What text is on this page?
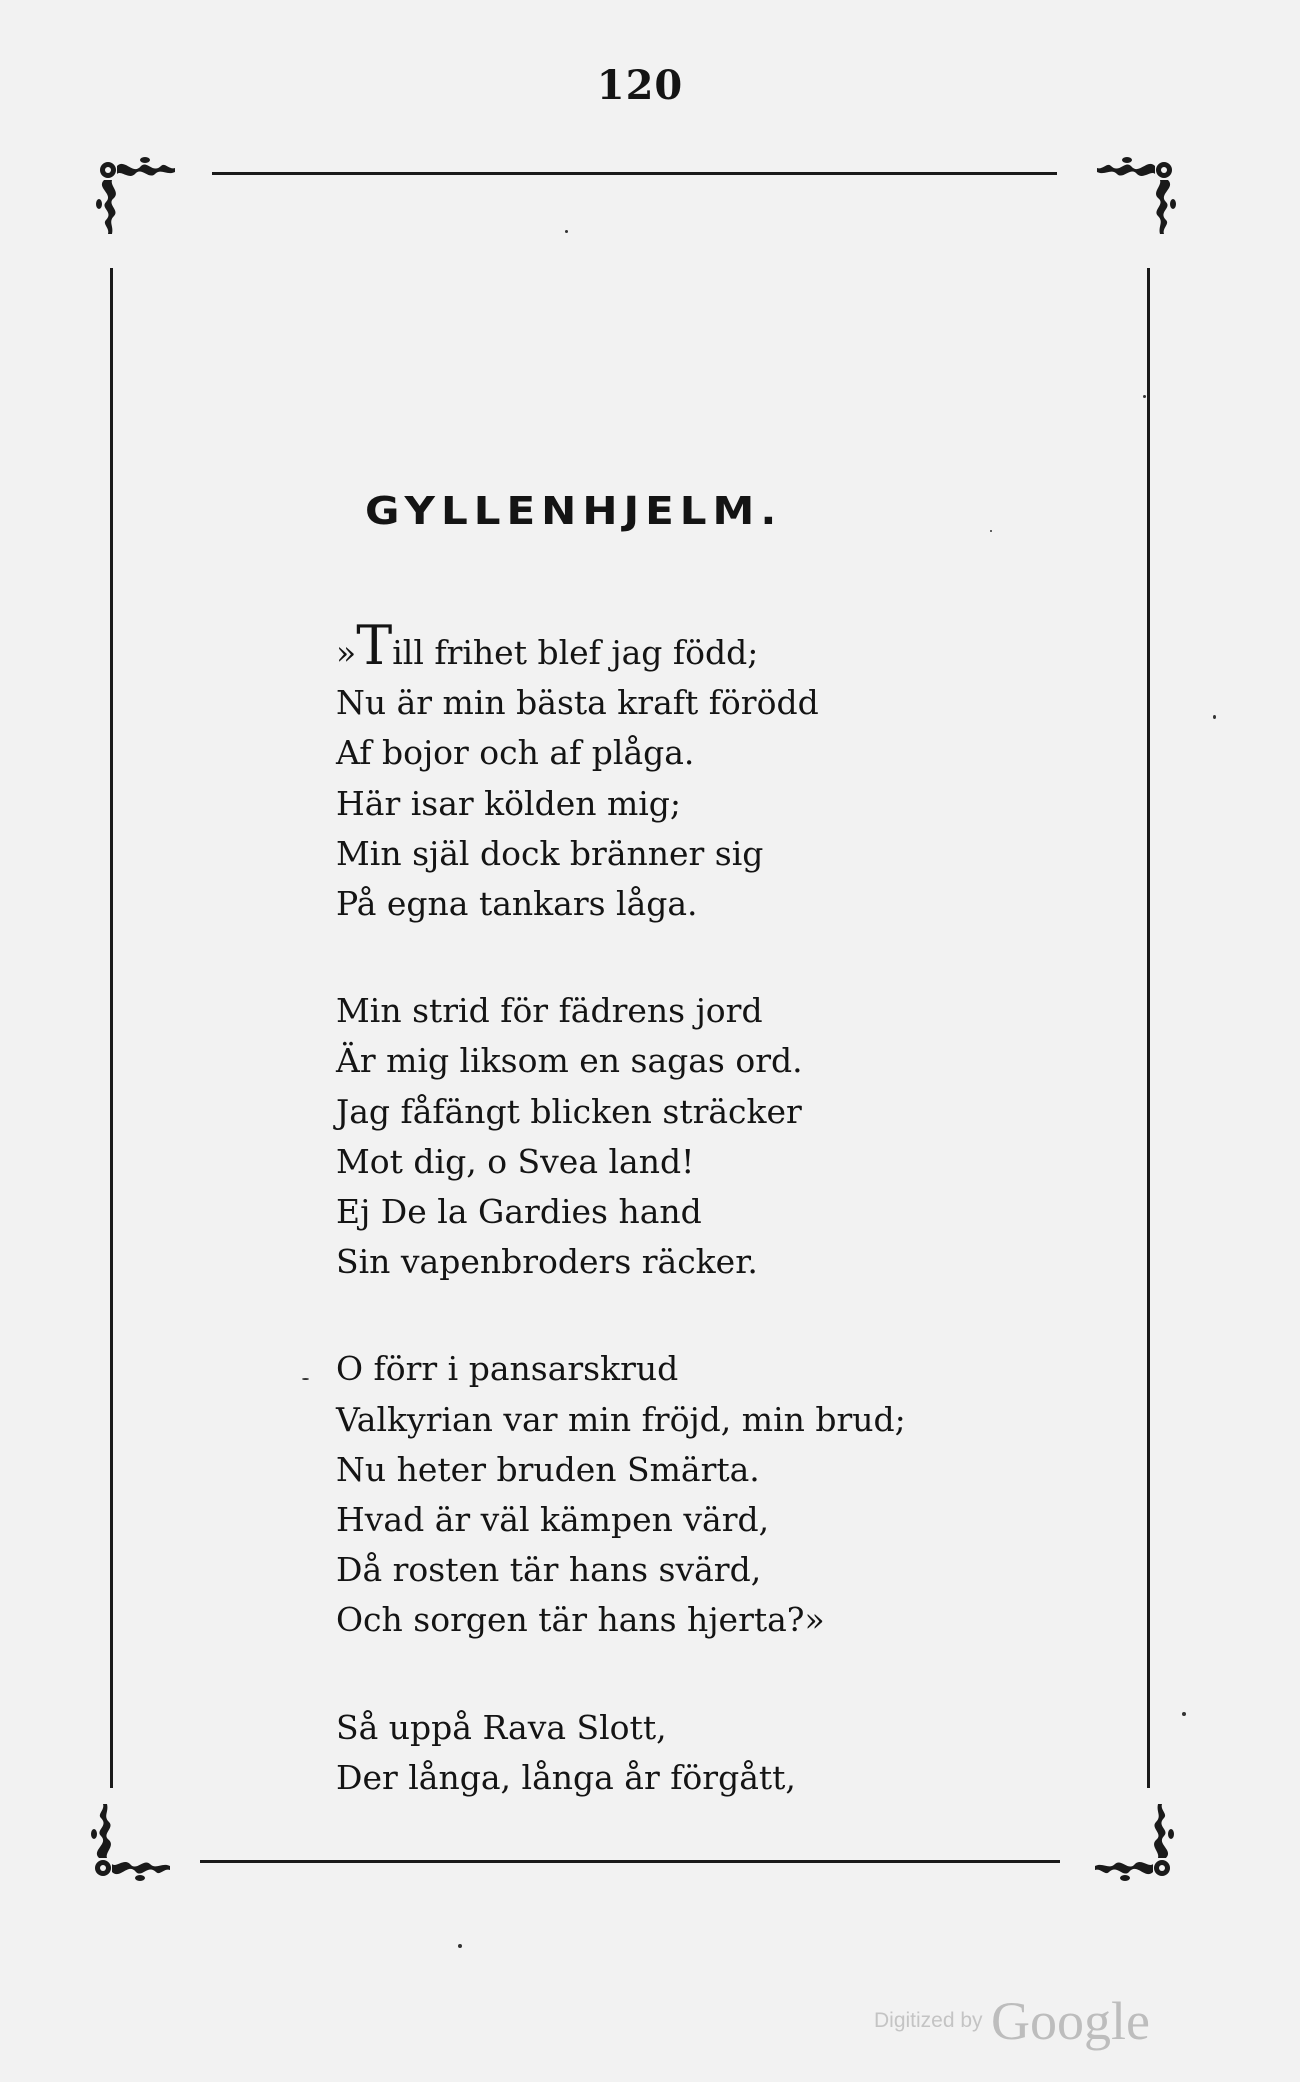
120
GYLLENHJELM.
»Till frihet blef jag född;
Nu är min bästa kraft förödd
Af bojor och af plåga.
Här isar kölden mig;
Min själ dock bränner sig
På egna tankars låga.
Min strid för fädrens jord
Är mig liksom en sagas ord.
Jag fåfängt blicken sträcker
Mot dig, o Svea land!
Ej De la Gardies hand
Sin vapenbroders räcker.
O förr i pansarskrud
Valkyrian var min fröjd, min brud;
Nu heter bruden Smärta.
Hvad är väl kämpen värd,
Då rosten tär hans svärd,
Och sorgen tär hans hjerta?»
Så uppå Rava Slott,
Der långa, långa år förgått,
Digitized by Google
